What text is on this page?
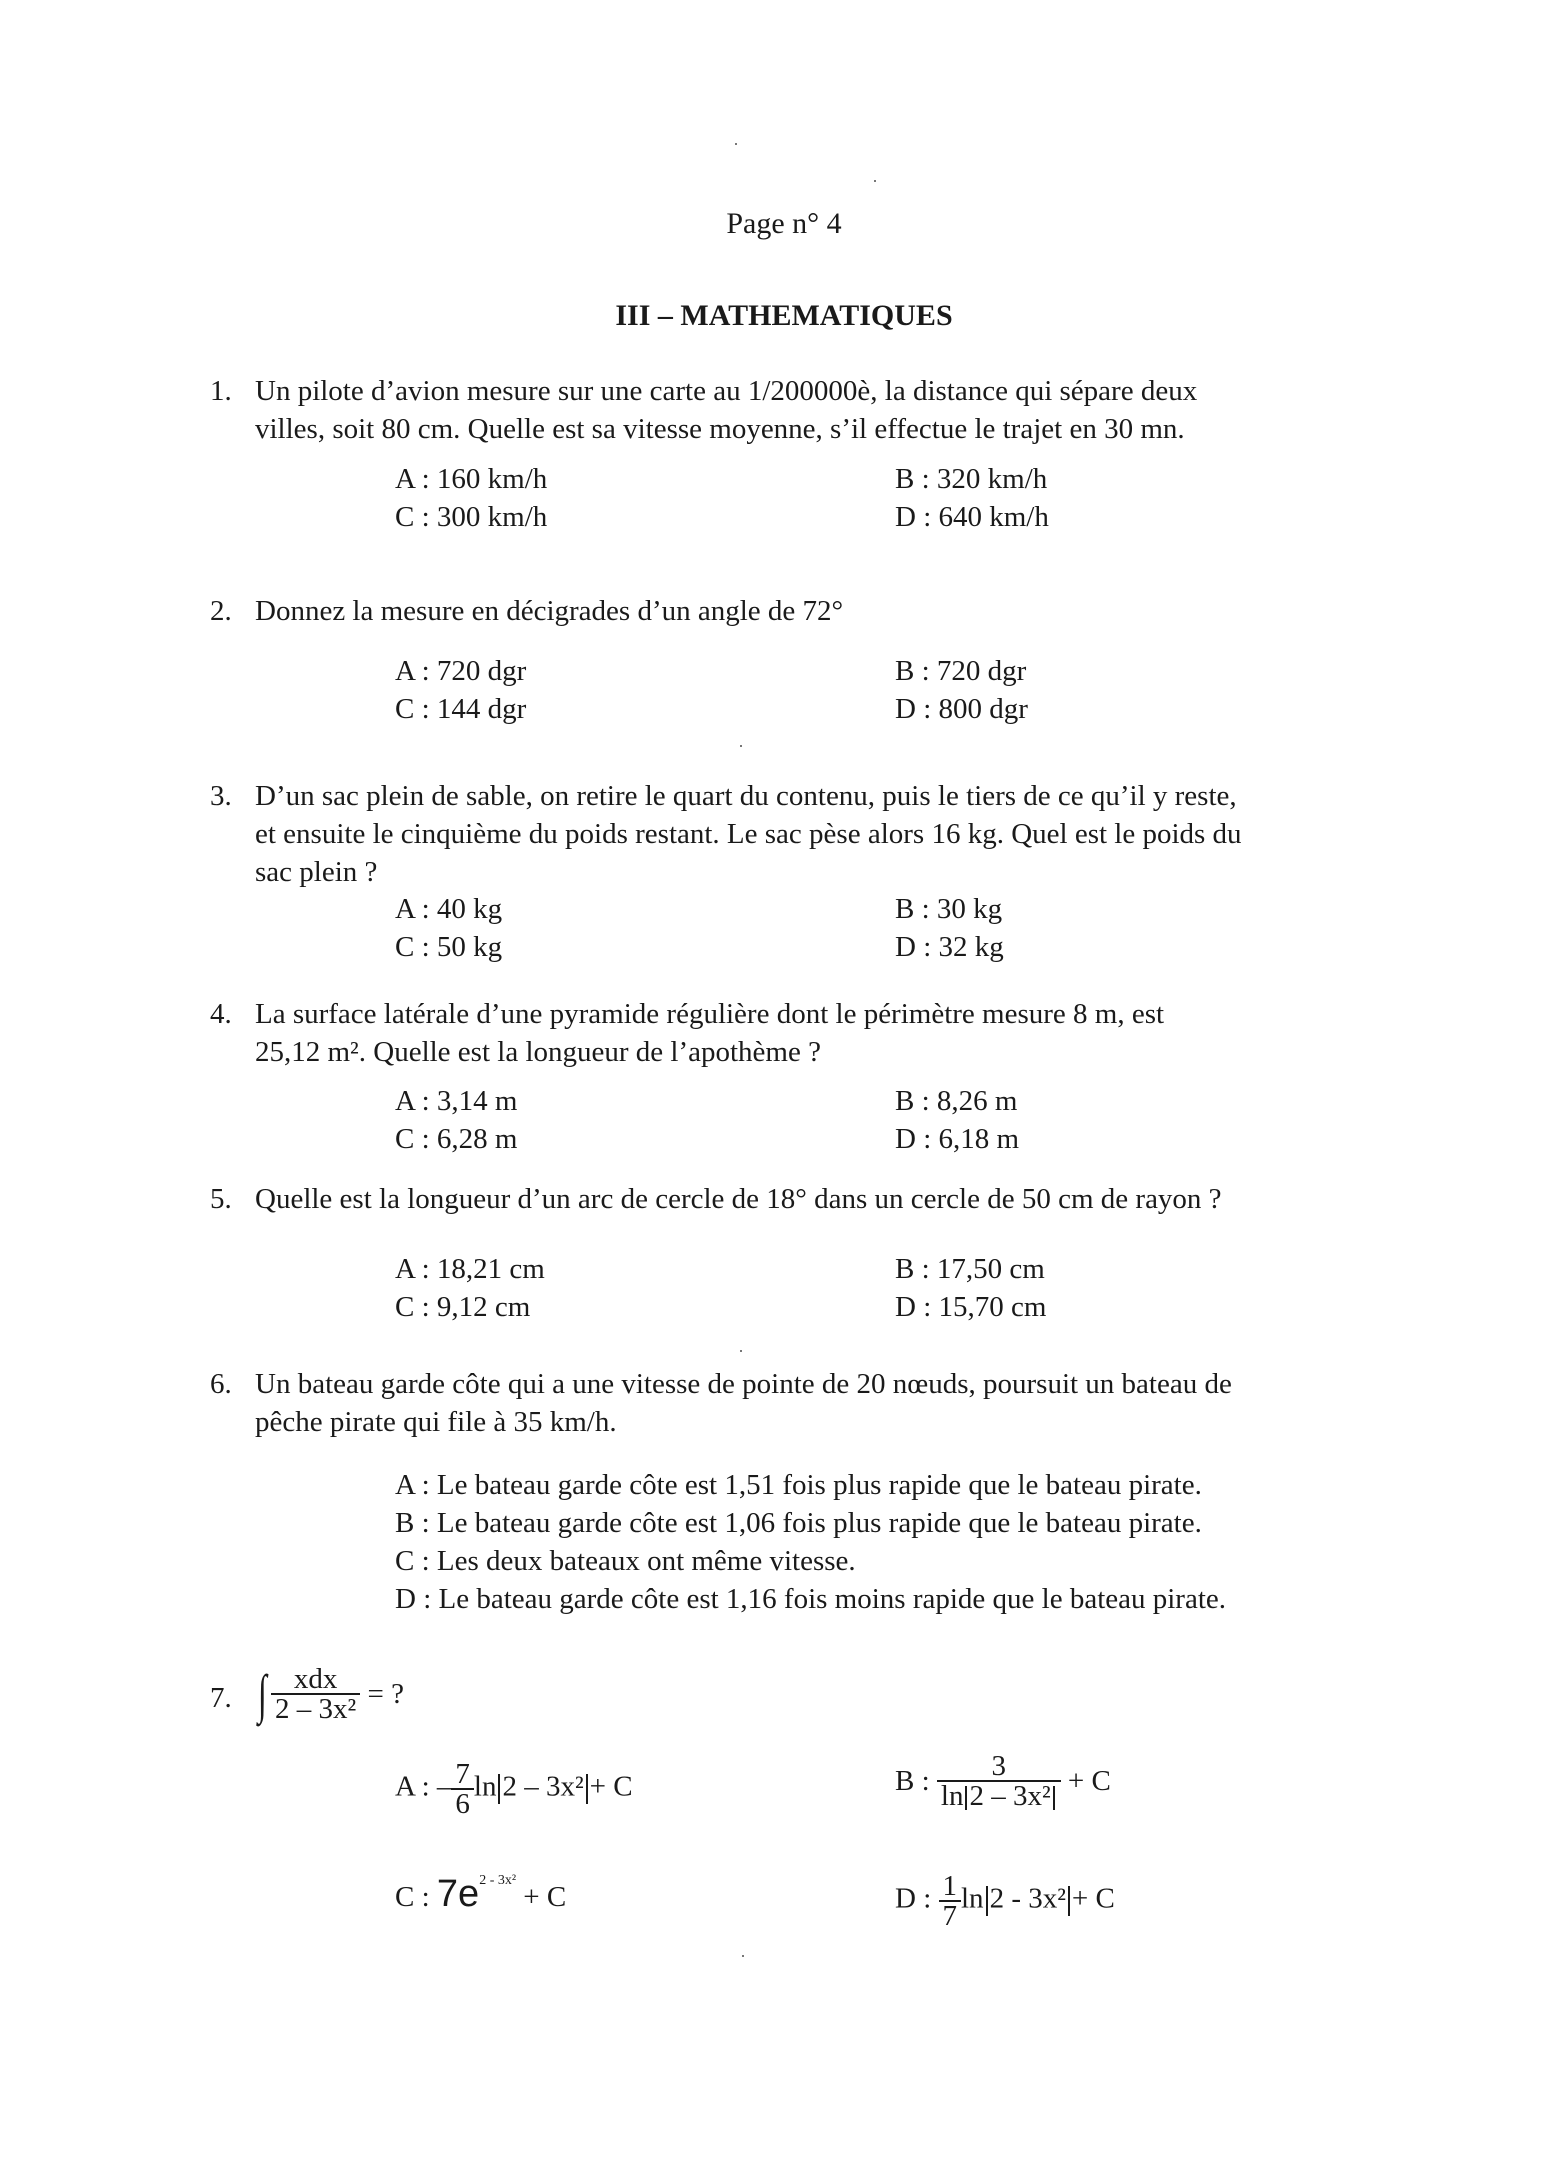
Page n° 4
III – MATHEMATIQUES
1. Un pilote d’avion mesure sur une carte au 1/200000è, la distance qui sépare deux
villes, soit 80 cm. Quelle est sa vitesse moyenne, s’il effectue le trajet en 30 mn.
A : 160 km/h	B : 320 km/h
C : 300 km/h	D : 640 km/h
2. Donnez la mesure en décigrades d’un angle de 72°
A : 720 dgr	B : 720 dgr
C : 144 dgr	D : 800 dgr
3. D’un sac plein de sable, on retire le quart du contenu, puis le tiers de ce qu’il y reste,
et ensuite le cinquième du poids restant. Le sac pèse alors 16 kg. Quel est le poids du
sac plein ?
A : 40 kg	B : 30 kg
C : 50 kg	D : 32 kg
4. La surface latérale d’une pyramide régulière dont le périmètre mesure 8 m, est
25,12 m². Quelle est la longueur de l’apothème ?
A : 3,14 m	B : 8,26 m
C : 6,28 m	D : 6,18 m
5. Quelle est la longueur d’un arc de cercle de 18° dans un cercle de 50 cm de rayon ?
A : 18,21 cm	B : 17,50 cm
C : 9,12 cm	D : 15,70 cm
6. Un bateau garde côte qui a une vitesse de pointe de 20 nœuds, poursuit un bateau de
pêche pirate qui file à 35 km/h.
A : Le bateau garde côte est 1,51 fois plus rapide que le bateau pirate.
B : Le bateau garde côte est 1,06 fois plus rapide que le bateau pirate.
C : Les deux bateaux ont même vitesse.
D : Le bateau garde côte est 1,16 fois moins rapide que le bateau pirate.
7. ∫ $\frac{\text{xdx}}{\text{2 – 3x²}}$ = ?
A : – $\frac{7}{6}$ ln 2 – 3x² + C	B : $\frac{3}{\text{ln 2 – 3x²}} + C$
C : $7e^{2 - 3x^2} + C$	D : $\frac{1}{7}$ ln 2 - 3x² + C
